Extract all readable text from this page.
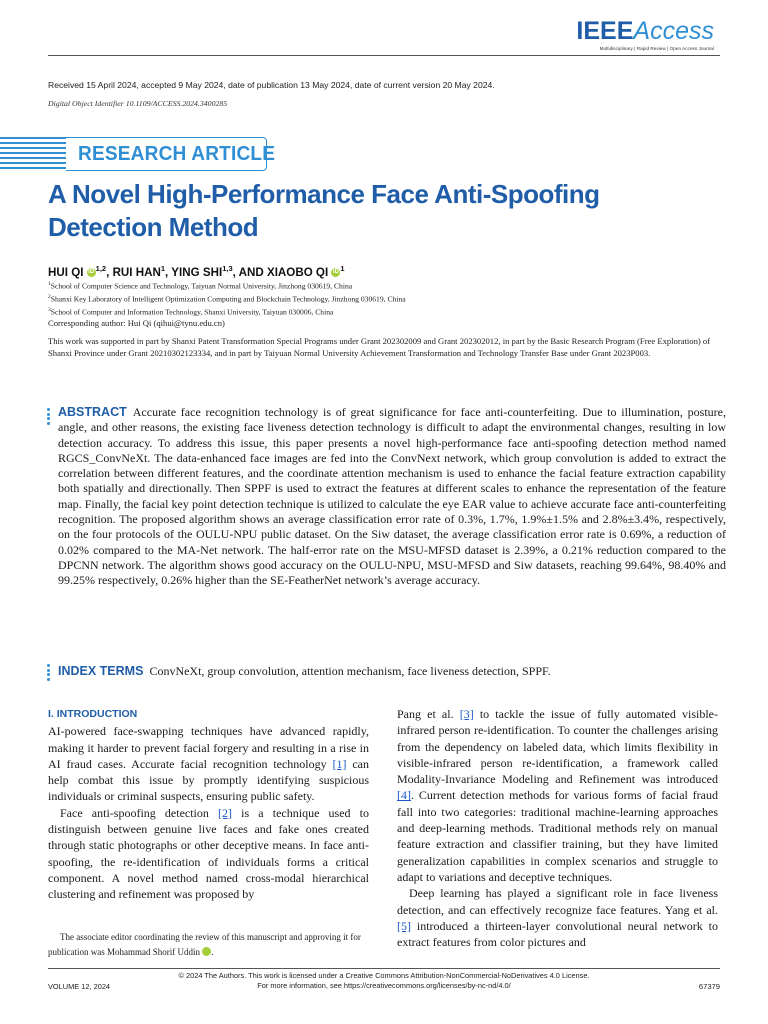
IEEEAccess
Multidisciplinary | Rapid Review | Open Access Journal
Received 15 April 2024, accepted 9 May 2024, date of publication 13 May 2024, date of current version 20 May 2024.
Digital Object Identifier 10.1109/ACCESS.2024.3400285
RESEARCH ARTICLE
A Novel High-Performance Face Anti-Spoofing Detection Method
HUI QI iD $^{1,2}$, RUI HAN$^1$, YING SHI$^{1,3}$, AND XIAOBO QI iD $^1$
$^1$School of Computer Science and Technology, Taiyuan Normal University, Jinzhong 030619, China
$^2$Shanxi Key Laboratory of Intelligent Optimization Computing and Blockchain Technology, Jinzhong 030619, China
$^3$School of Computer and Information Technology, Shanxi University, Taiyuan 030006, China
Corresponding author: Hui Qi (qihui@tynu.edu.cn)
This work was supported in part by Shanxi Patent Transformation Special Programs under Grant 202302009 and Grant 202302012, in part by the Basic Research Program (Free Exploration) of Shanxi Province under Grant 20210302123334, and in part by Taiyuan Normal University Achievement Transformation and Technology Transfer Base under Grant 2023P003.
ABSTRACT Accurate face recognition technology is of great significance for face anti-counterfeiting. Due to illumination, posture, angle, and other reasons, the existing face liveness detection technology is difficult to adapt the environmental changes, resulting in low detection accuracy. To address this issue, this paper presents a novel high-performance face anti-spoofing detection method named RGCS_ConvNeXt. The data-enhanced face images are fed into the ConvNext network, which group convolution is added to extract the correlation between different features, and the coordinate attention mechanism is used to enhance the facial feature extraction capability both spatially and directionally. Then SPPF is used to extract the features at different scales to enhance the representation of the feature map. Finally, the facial key point detection technique is utilized to calculate the eye EAR value to achieve accurate face anti-counterfeiting recognition. The proposed algorithm shows an average classification error rate of 0.3%, 1.7%, 1.9%±1.5% and 2.8%±3.4%, respectively, on the four protocols of the OULU-NPU public dataset. On the Siw dataset, the average classification error rate is 0.69%, a reduction of 0.02% compared to the MA-Net network. The half-error rate on the MSU-MFSD dataset is 2.39%, a 0.21% reduction compared to the DPCNN network. The algorithm shows good accuracy on the OULU-NPU, MSU-MFSD and Siw datasets, reaching 99.64%, 98.40% and 99.25% respectively, 0.26% higher than the SE-FeatherNet network’s average accuracy.
INDEX TERMS ConvNeXt, group convolution, attention mechanism, face liveness detection, SPPF.
I. INTRODUCTION

AI-powered face-swapping techniques have advanced rapidly, making it harder to prevent facial forgery and resulting in a rise in AI fraud cases. Accurate facial recognition technology [1] can help combat this issue by promptly identifying suspicious individuals or criminal suspects, ensuring public safety.

Face anti-spoofing detection [2] is a technique used to distinguish between genuine live faces and fake ones created through static photographs or other deceptive means. In face anti-spoofing, the re-identification of individuals forms a critical component. A novel method named cross-modal hierarchical clustering and refinement was proposed by

Pang et al. [3] to tackle the issue of fully automated visible-infrared person re-identification. To counter the challenges arising from the dependency on labeled data, which limits flexibility in visible-infrared person re-identification, a framework called Modality-Invariance Modeling and Refinement was introduced [4]. Current detection methods for various forms of facial fraud fall into two categories: traditional machine-learning approaches and deep-learning methods. Traditional methods rely on manual feature extraction and classifier training, but they have limited generalization capabilities in complex scenarios and struggle to adapt to variations and deceptive techniques.

Deep learning has played a significant role in face liveness detection, and can effectively recognize face features. Yang et al. [5] introduced a thirteen-layer convolutional neural network to extract features from color pictures and

The associate editor coordinating the review of this manuscript and approving it for publication was Mohammad Shorif Uddin iD.
© 2024 The Authors. This work is licensed under a Creative Commons Attribution-NonCommercial-NoDerivatives 4.0 License.
For more information, see https://creativecommons.org/licenses/by-nc-nd/4.0/
VOLUME 12, 2024	67379
